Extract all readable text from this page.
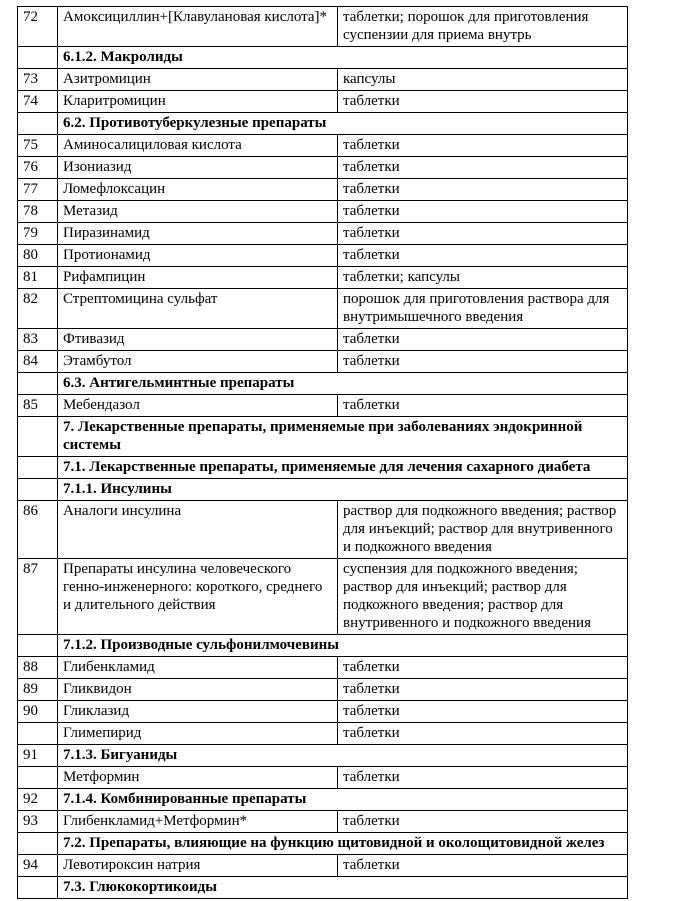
72	Амоксициллин+[Клавулановая кислота]*	таблетки; порошок для приготовления суспензии для приема внутрь
	6.1.2. Макролиды	
73	Азитромицин	капсулы
74	Кларитромицин	таблетки
	6.2. Противотуберкулезные препараты	
75	Аминосалициловая кислота	таблетки
76	Изониазид	таблетки
77	Ломефлоксацин	таблетки
78	Метазид	таблетки
79	Пиразинамид	таблетки
80	Протионамид	таблетки
81	Рифампицин	таблетки; капсулы
82	Стрептомицина сульфат	порошок для приготовления раствора для внутримышечного введения
83	Фтивазид	таблетки
84	Этамбутол	таблетки
	6.3. Антигельминтные препараты	
85	Мебендазол	таблетки
	7. Лекарственные препараты, применяемые при заболеваниях эндокринной системы	
	7.1. Лекарственные препараты, применяемые для лечения сахарного диабета	
	7.1.1. Инсулины	
86	Аналоги инсулина	раствор для подкожного введения; раствор для инъекций; раствор для внутривенного и подкожного введения
87	Препараты инсулина человеческого генно-инженерного: короткого, среднего и длительного действия	суспензия для подкожного введения; раствор для инъекций; раствор для подкожного введения; раствор для внутривенного и подкожного введения
	7.1.2. Производные сульфонилмочевины	
88	Глибенкламид	таблетки
89	Гликвидон	таблетки
90	Гликлазид	таблетки
	Глимепирид	таблетки
91	7.1.3. Бигуаниды	
	Метформин	таблетки
92	7.1.4. Комбинированные препараты	
93	Глибенкламид+Метформин*	таблетки
	7.2. Препараты, влияющие на функцию щитовидной и околощитовидной желез	
94	Левотироксин натрия	таблетки
	7.3. Глюкокортикоиды	
